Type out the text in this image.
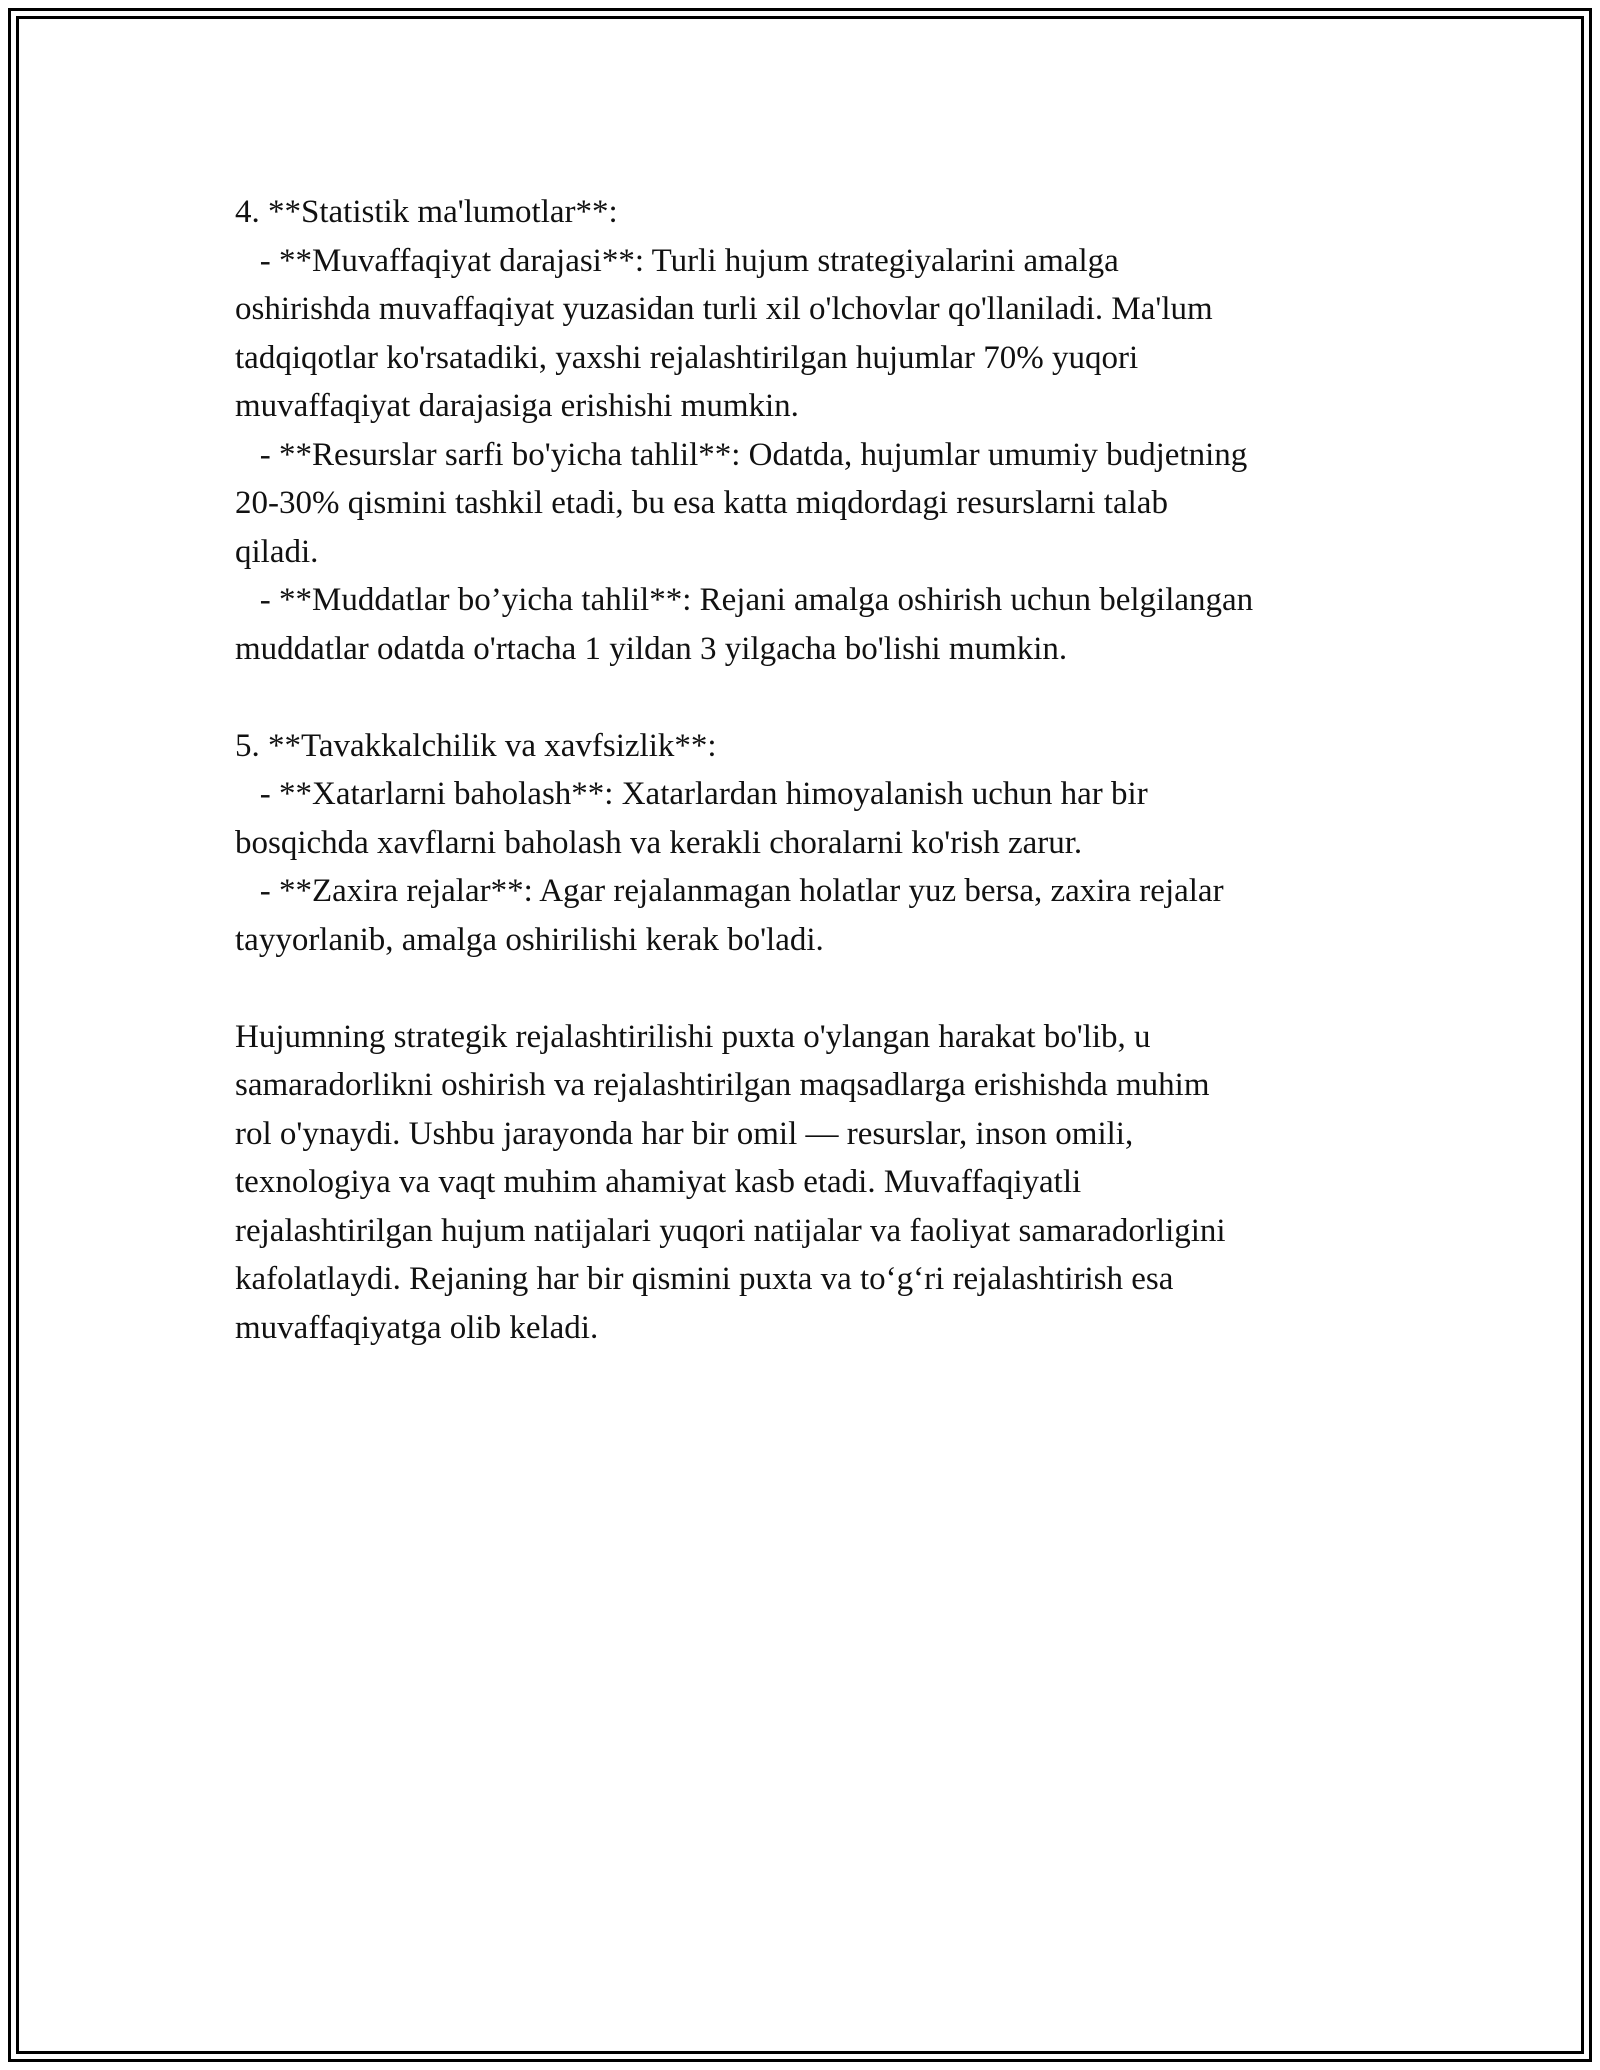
4. **Statistik ma'lumotlar**:
- **Muvaffaqiyat darajasi**: Turli hujum strategiyalarini amalga
oshirishda muvaffaqiyat yuzasidan turli xil o'lchovlar qo'llaniladi. Ma'lum
tadqiqotlar ko'rsatadiki, yaxshi rejalashtirilgan hujumlar 70% yuqori
muvaffaqiyat darajasiga erishishi mumkin.
- **Resurslar sarfi bo'yicha tahlil**: Odatda, hujumlar umumiy budjetning
20-30% qismini tashkil etadi, bu esa katta miqdordagi resurslarni talab
qiladi.
- **Muddatlar bo’yicha tahlil**: Rejani amalga oshirish uchun belgilangan
muddatlar odatda o'rtacha 1 yildan 3 yilgacha bo'lishi mumkin.
5. **Tavakkalchilik va xavfsizlik**:
- **Xatarlarni baholash**: Xatarlardan himoyalanish uchun har bir
bosqichda xavflarni baholash va kerakli choralarni ko'rish zarur.
- **Zaxira rejalar**: Agar rejalanmagan holatlar yuz bersa, zaxira rejalar
tayyorlanib, amalga oshirilishi kerak bo'ladi.
Hujumning strategik rejalashtirilishi puxta o'ylangan harakat bo'lib, u
samaradorlikni oshirish va rejalashtirilgan maqsadlarga erishishda muhim
rol o'ynaydi. Ushbu jarayonda har bir omil — resurslar, inson omili,
texnologiya va vaqt muhim ahamiyat kasb etadi. Muvaffaqiyatli
rejalashtirilgan hujum natijalari yuqori natijalar va faoliyat samaradorligini
kafolatlaydi. Rejaning har bir qismini puxta va to‘g‘ri rejalashtirish esa
muvaffaqiyatga olib keladi.
